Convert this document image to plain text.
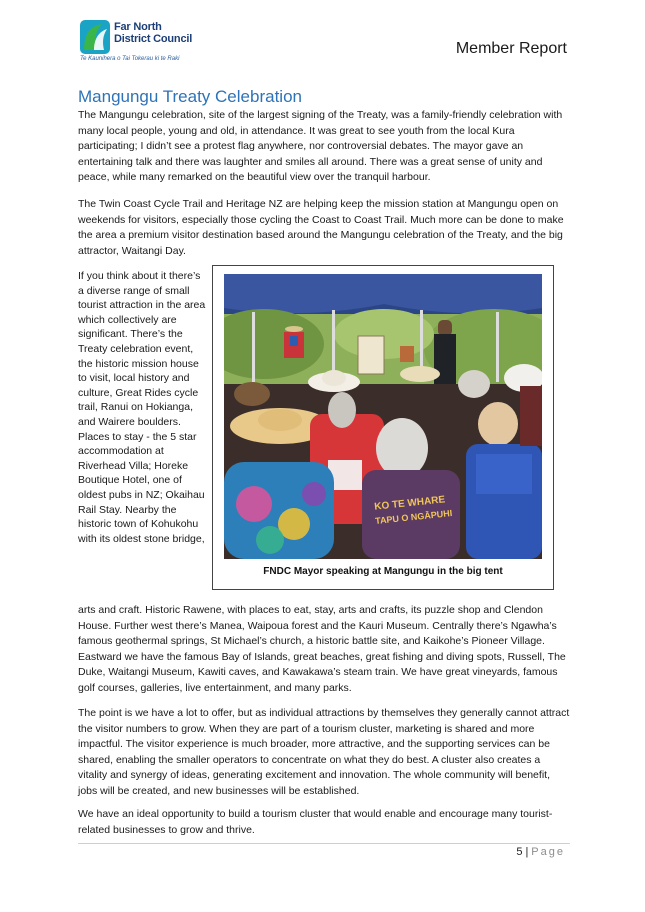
Far North
District Council
Te Kaunihera o Tai Tokerau ki te Raki
Member Report
Mangungu Treaty Celebration

The Mangungu celebration, site of the largest signing of the Treaty, was a family-friendly celebration with many local people, young and old, in attendance. It was great to see youth from the local Kura participating; I didn’t see a protest flag anywhere, nor controversial debates. The mayor gave an entertaining talk and there was laughter and smiles all around. There was a great sense of unity and peace, while many remarked on the beautiful view over the tranquil harbour.

The Twin Coast Cycle Trail and Heritage NZ are helping keep the mission station at Mangungu open on weekends for visitors, especially those cycling the Coast to Coast Trail. Much more can be done to make the area a premium visitor destination based around the Mangungu celebration of the Treaty, and the big attractor, Waitangi Day.

If you think about it there’s a diverse range of small tourist attraction in the area which collectively are significant. There’s the Treaty celebration event, the historic mission house to visit, local history and culture, Great Rides cycle trail, Ranui on Hokianga, and Wairere boulders. Places to stay - the 5 star accommodation at Riverhead Villa; Horeke Boutique Hotel, one of oldest pubs in NZ; Okaihau Rail Stay. Nearby the historic town of Kohukohu with its oldest stone bridge,

KO TE WHARE
TAPU O NGĀPUHI
FNDC Mayor speaking at Mangungu in the big tent

arts and craft. Historic Rawene, with places to eat, stay, arts and crafts, its puzzle shop and Clendon House. Further west there’s Manea, Waipoua forest and the Kauri Museum. Centrally there’s Ngawha’s famous geothermal springs, St Michael’s church, a historic battle site, and Kaikohe’s Pioneer Village. Eastward we have the famous Bay of Islands, great beaches, great fishing and diving spots, Russell, The Duke, Waitangi Museum, Kawiti caves, and Kawakawa’s steam train. We have great vineyards, famous golf courses, galleries, live entertainment, and many parks.

The point is we have a lot to offer, but as individual attractions by themselves they generally cannot attract the visitor numbers to grow. When they are part of a tourism cluster, marketing is shared and more impactful. The visitor experience is much broader, more attractive, and the supporting services can be shared, enabling the smaller operators to concentrate on what they do best. A cluster also creates a vitality and synergy of ideas, generating excitement and innovation. The whole community will benefit, jobs will be created, and new businesses will be established.

We have an ideal opportunity to build a tourism cluster that would enable and encourage many tourist-related businesses to grow and thrive.

5 | Page
